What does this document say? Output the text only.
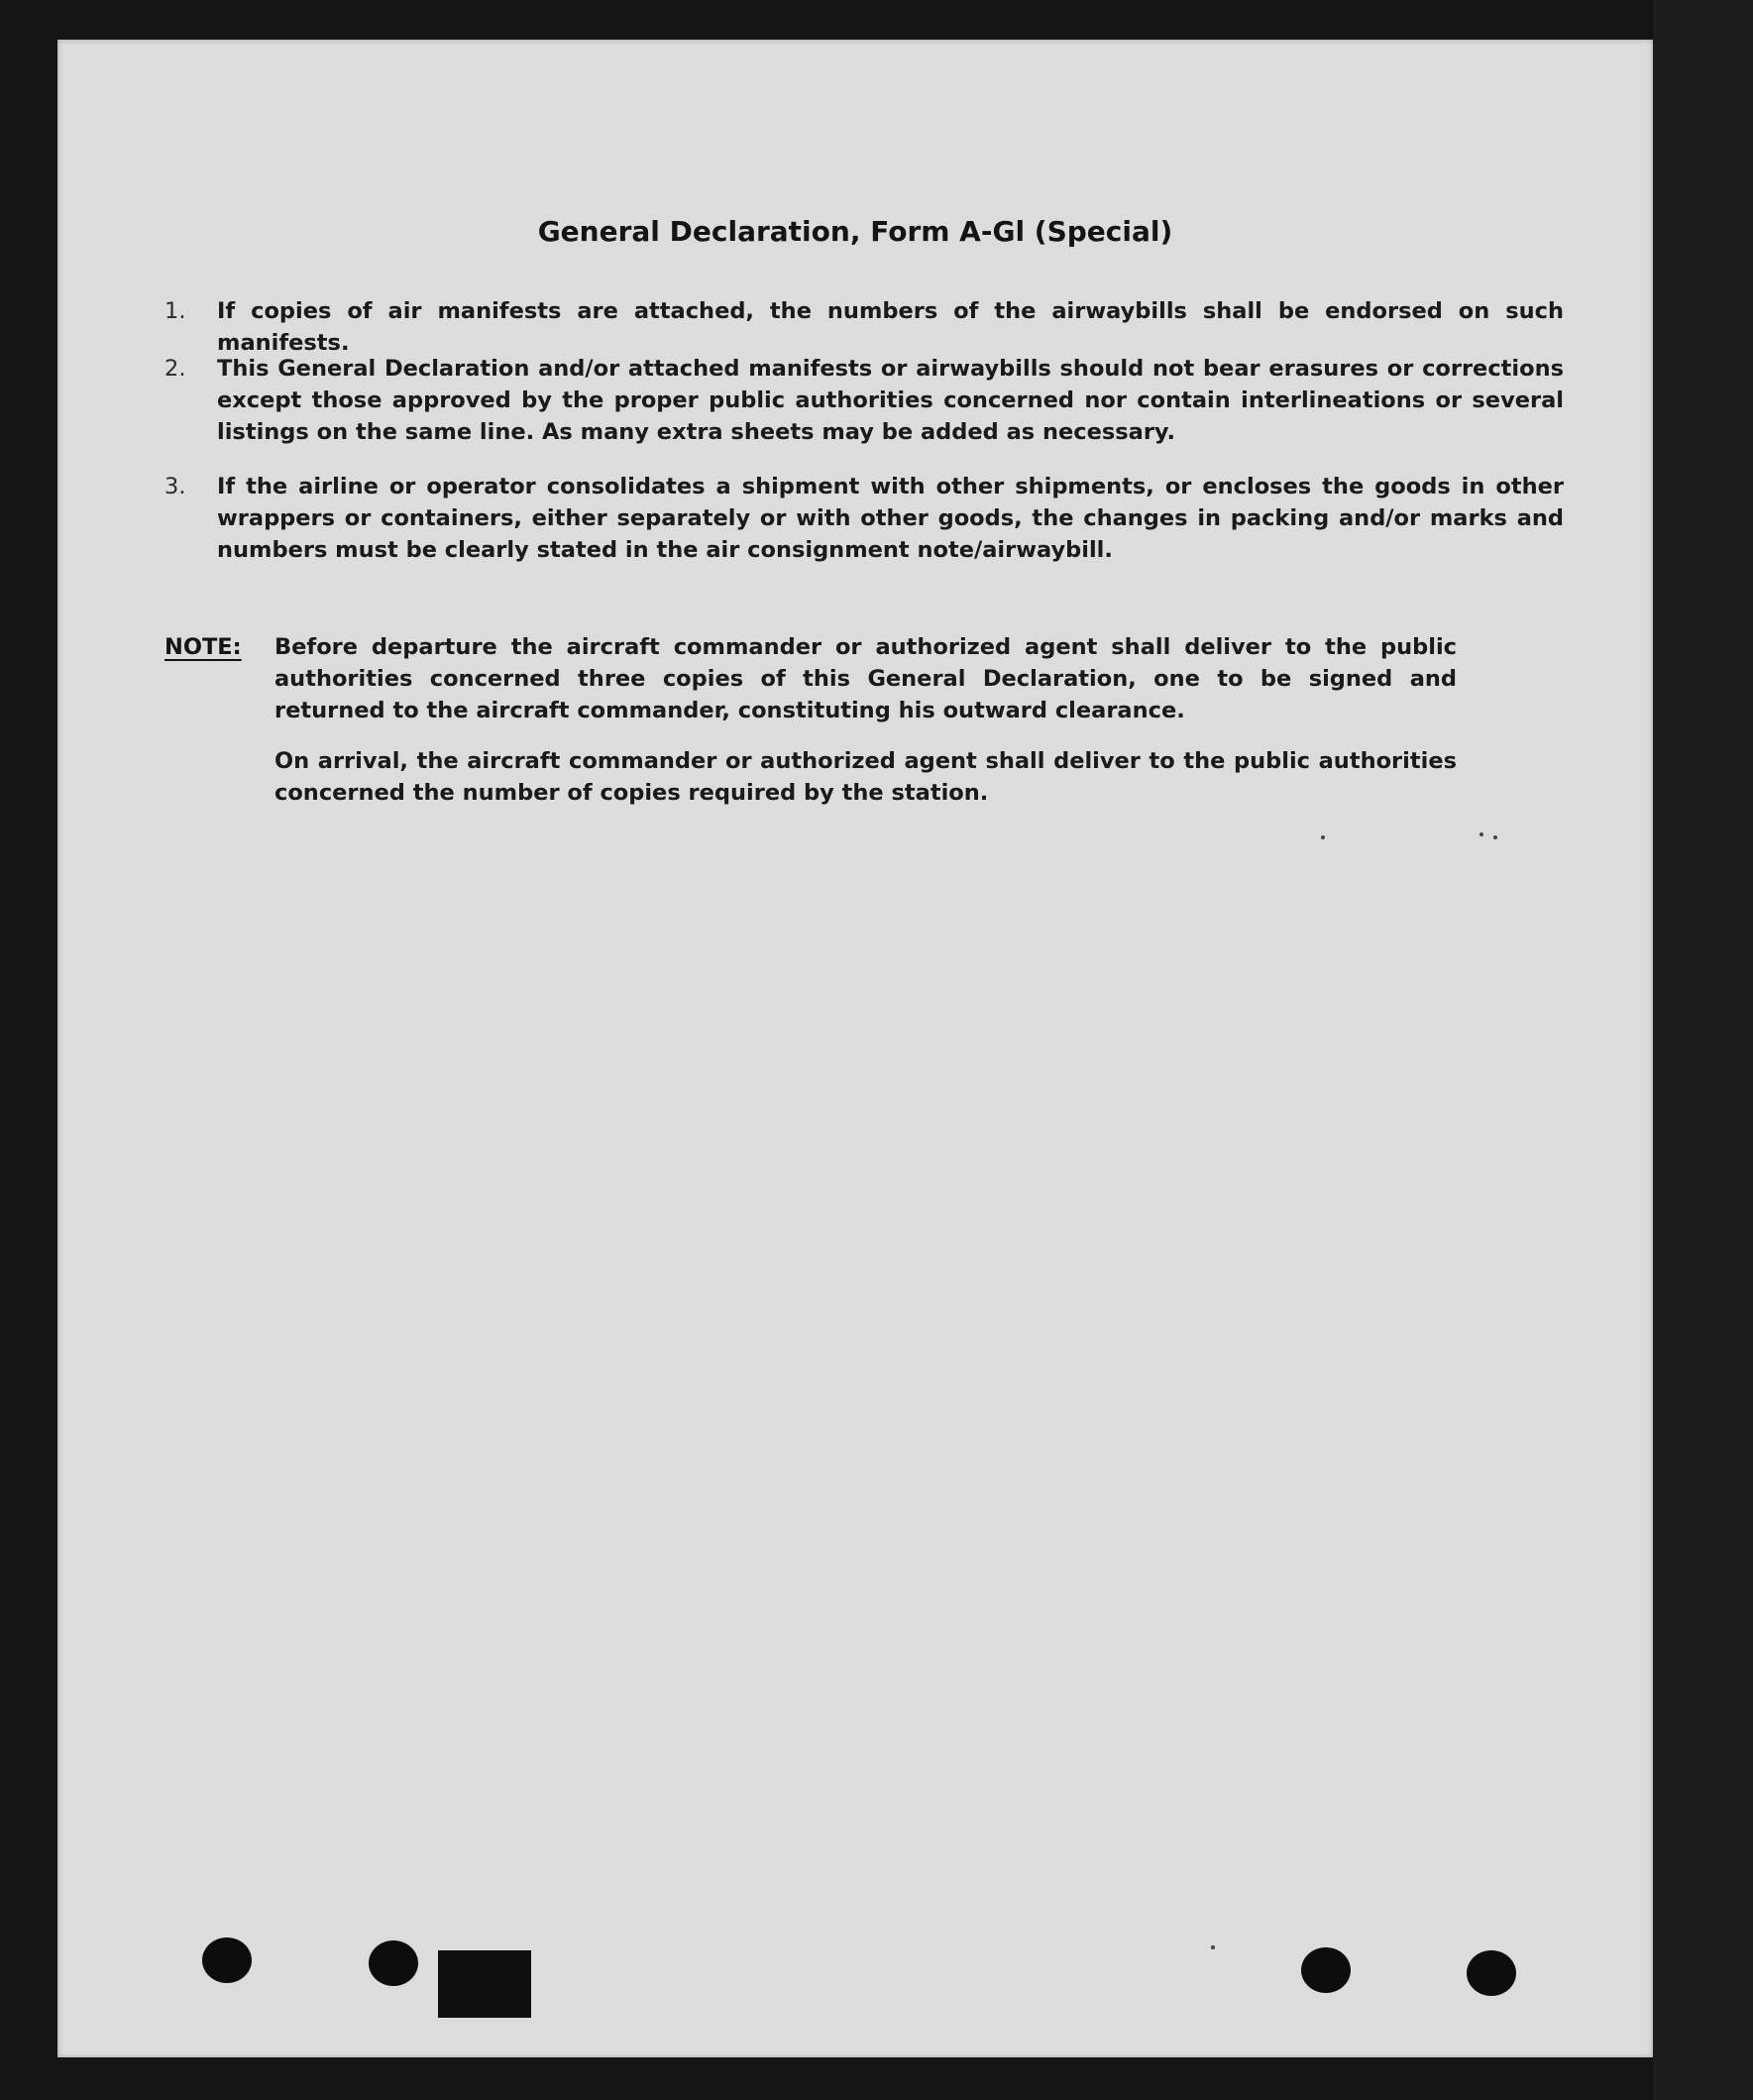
General Declaration, Form A-Gl (Special)
1.	If copies of air manifests are attached, the numbers of the airwaybills shall be endorsed on such manifests.
2.	This General Declaration and/or attached manifests or airwaybills should not bear erasures or corrections except those approved by the proper public authorities concerned nor contain interlineations or several listings on the same line. As many extra sheets may be added as necessary.
3.	If the airline or operator consolidates a shipment with other shipments, or encloses the goods in other wrappers or containers, either separately or with other goods, the changes in packing and/or marks and numbers must be clearly stated in the air consignment note/airwaybill.
NOTE: Before departure the aircraft commander or authorized agent shall deliver to the public authorities concerned three copies of this General Declaration, one to be signed and returned to the aircraft commander, constituting his outward clearance.

On arrival, the aircraft commander or authorized agent shall deliver to the public authorities concerned the number of copies required by the station.
